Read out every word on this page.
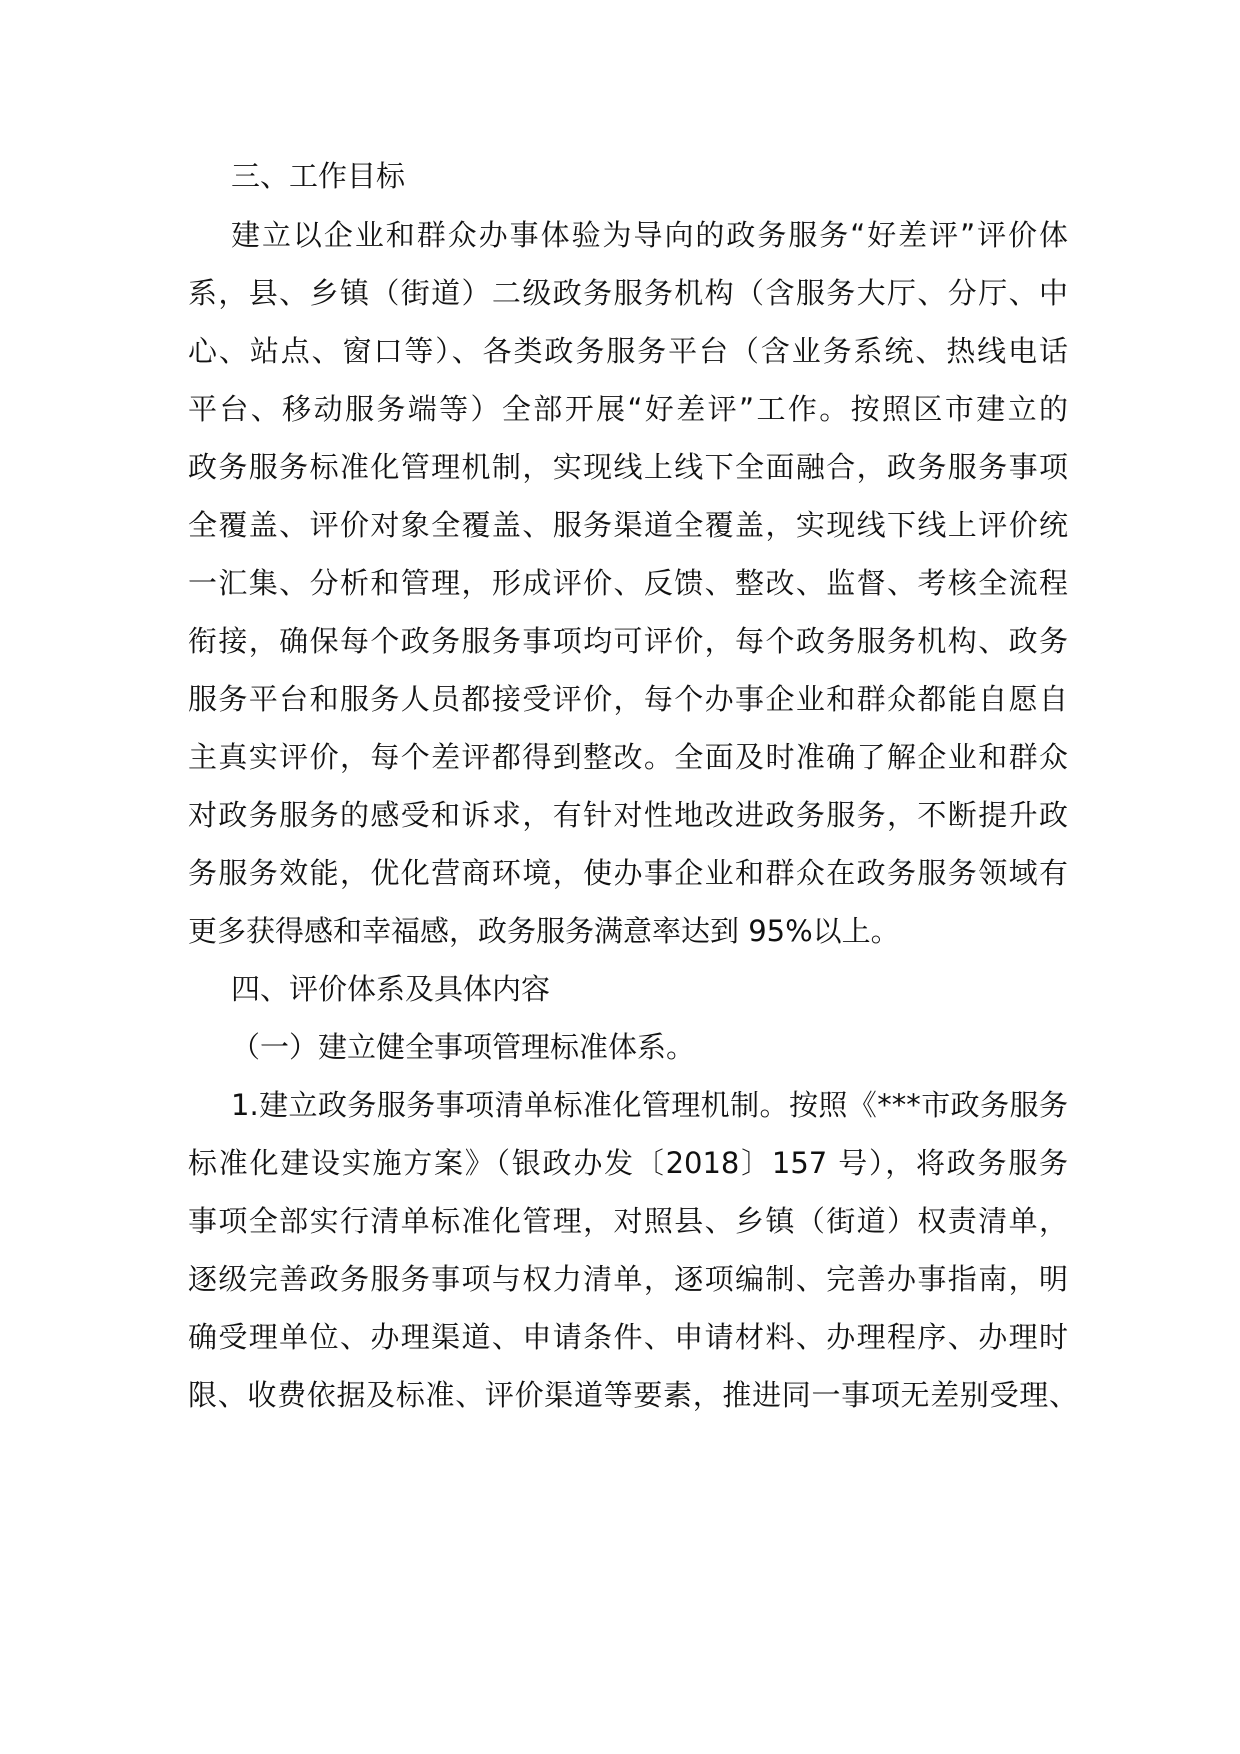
三、工作目标
建立以企业和群众办事体验为导向的政务服务“好差评”评价体
系，县、乡镇（街道）二级政务服务机构（含服务大厅、分厅、中
心、站点、窗口等）、各类政务服务平台（含业务系统、热线电话
平台、移动服务端等）全部开展“好差评”工作。按照区市建立的
政务服务标准化管理机制，实现线上线下全面融合，政务服务事项
全覆盖、评价对象全覆盖、服务渠道全覆盖，实现线下线上评价统
一汇集、分析和管理，形成评价、反馈、整改、监督、考核全流程
衔接，确保每个政务服务事项均可评价，每个政务服务机构、政务
服务平台和服务人员都接受评价，每个办事企业和群众都能自愿自
主真实评价，每个差评都得到整改。全面及时准确了解企业和群众
对政务服务的感受和诉求，有针对性地改进政务服务，不断提升政
务服务效能，优化营商环境，使办事企业和群众在政务服务领域有
更多获得感和幸福感，政务服务满意率达到 95%以上。
四、评价体系及具体内容
（一）建立健全事项管理标准体系。
1.建立政务服务事项清单标准化管理机制。按照《***市政务服务
标准化建设实施方案》（银政办发〔2018〕157 号），将政务服务
事项全部实行清单标准化管理，对照县、乡镇（街道）权责清单，
逐级完善政务服务事项与权力清单，逐项编制、完善办事指南，明
确受理单位、办理渠道、申请条件、申请材料、办理程序、办理时
限、收费依据及标准、评价渠道等要素，推进同一事项无差别受理、
